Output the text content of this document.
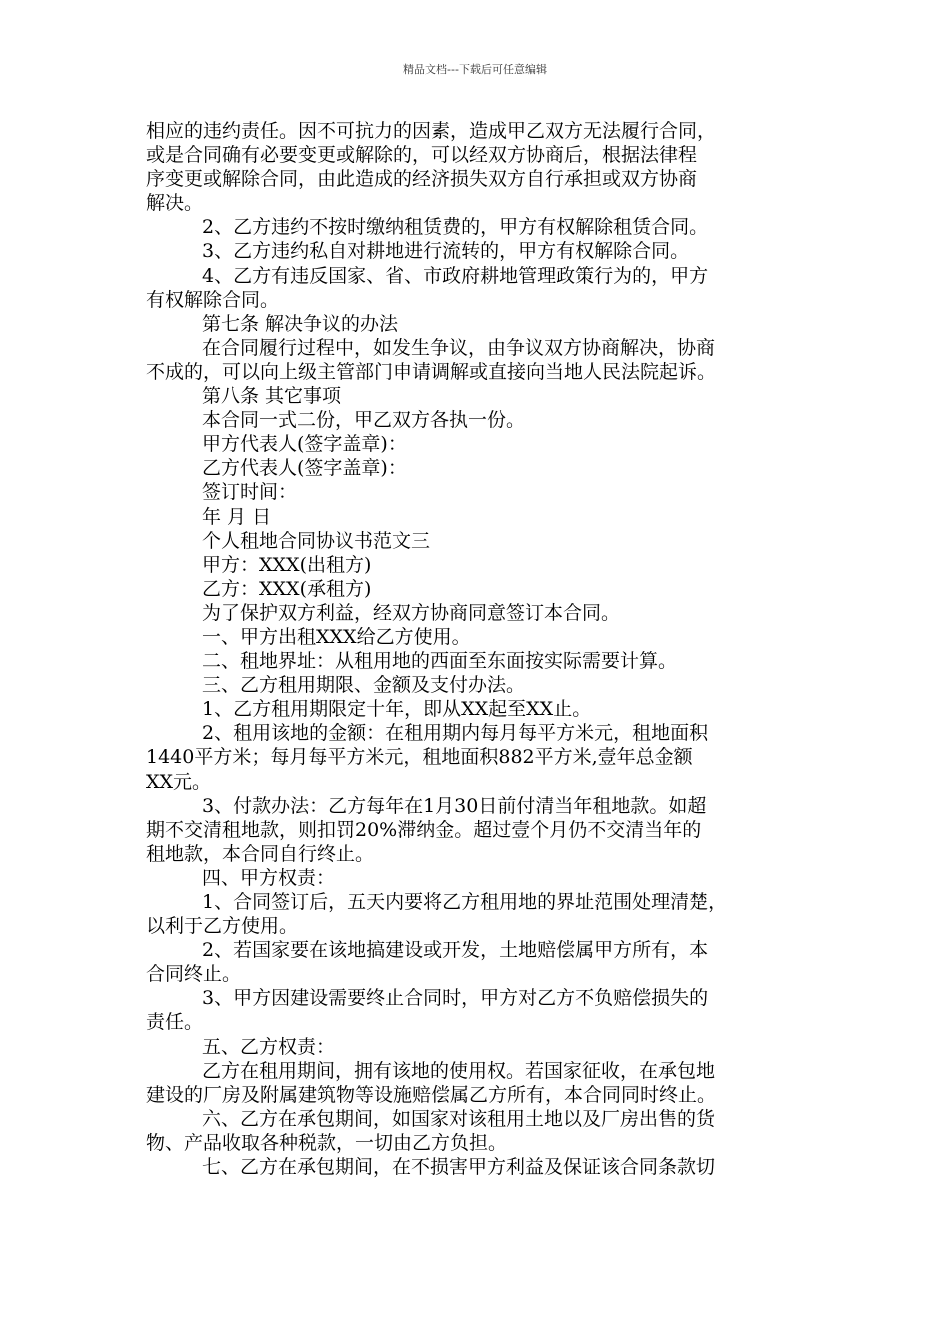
精品文档---下载后可任意编辑
相应的违约责任。因不可抗力的因素，造成甲乙双方无法履行合同，
或是合同确有必要变更或解除的，可以经双方协商后，根据法律程
序变更或解除合同，由此造成的经济损失双方自行承担或双方协商
解决。
2、乙方违约不按时缴纳租赁费的，甲方有权解除租赁合同。
3、乙方违约私自对耕地进行流转的，甲方有权解除合同。
4、乙方有违反国家、省、市政府耕地管理政策行为的，甲方
有权解除合同。
第七条 解决争议的办法
在合同履行过程中，如发生争议，由争议双方协商解决，协商
不成的，可以向上级主管部门申请调解或直接向当地人民法院起诉。
第八条 其它事项
本合同一式二份，甲乙双方各执一份。
甲方代表人(签字盖章)：
乙方代表人(签字盖章)：
签订时间：
年 月 日
个人租地合同协议书范文三
甲方：XXX(出租方)
乙方：XXX(承租方)
为了保护双方利益，经双方协商同意签订本合同。
一、甲方出租XXX给乙方使用。
二、租地界址：从租用地的西面至东面按实际需要计算。
三、乙方租用期限、金额及支付办法。
1、乙方租用期限定十年，即从XX起至XX止。
2、租用该地的金额：在租用期内每月每平方米元，租地面积
1440平方米；每月每平方米元，租地面积882平方米,壹年总金额
XX元。
3、付款办法：乙方每年在1月30日前付清当年租地款。如超
期不交清租地款，则扣罚20%滞纳金。超过壹个月仍不交清当年的
租地款，本合同自行终止。
四、甲方权责：
1、合同签订后，五天内要将乙方租用地的界址范围处理清楚，
以利于乙方使用。
2、若国家要在该地搞建设或开发，土地赔偿属甲方所有，本
合同终止。
3、甲方因建设需要终止合同时，甲方对乙方不负赔偿损失的
责任。
五、乙方权责：
乙方在租用期间，拥有该地的使用权。若国家征收，在承包地
建设的厂房及附属建筑物等设施赔偿属乙方所有，本合同同时终止。
六、乙方在承包期间，如国家对该租用土地以及厂房出售的货
物、产品收取各种税款，一切由乙方负担。
七、乙方在承包期间，在不损害甲方利益及保证该合同条款切
